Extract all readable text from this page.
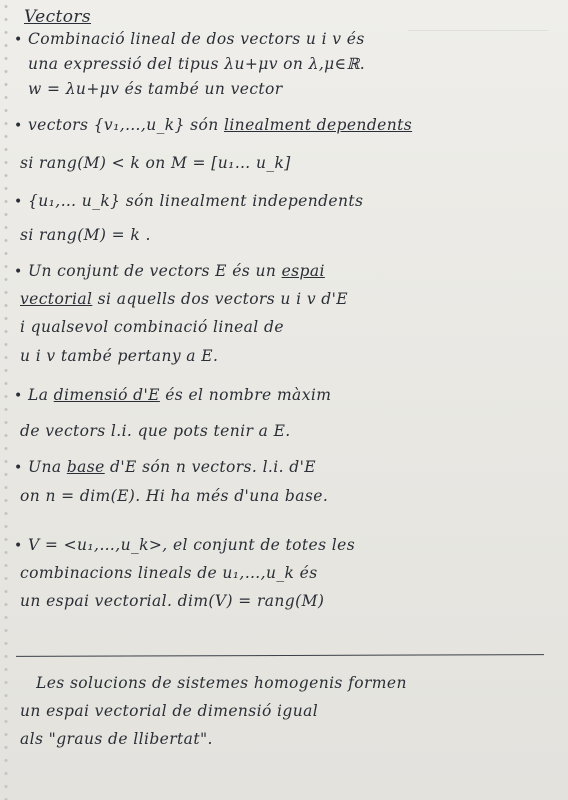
Vectors
• Combinació lineal de dos vectors u i v és
una expressió del tipus λu+μv on λ,μ∈ℝ.
w = λu+μv és també un vector
• vectors {v₁,…,u_k} són linealment dependents
si rang(M) < k on M = [u₁… u_k]
• {u₁,… u_k} són linealment independents
si rang(M) = k .
• Un conjunt de vectors E és un espai
vectorial si aquells dos vectors u i v d'E
i qualsevol combinació lineal de
u i v també pertany a E.
• La dimensió d'E és el nombre màxim
de vectors l.i. que pots tenir a E.
• Una base d'E són n vectors. l.i. d'E
on n = dim(E). Hi ha més d'una base.
• V = <u₁,…,u_k>, el conjunt de totes les
combinacions lineals de u₁,…,u_k és
un espai vectorial. dim(V) = rang(M)
Les solucions de sistemes homogenis formen
un espai vectorial de dimensió igual
als "graus de llibertat".
